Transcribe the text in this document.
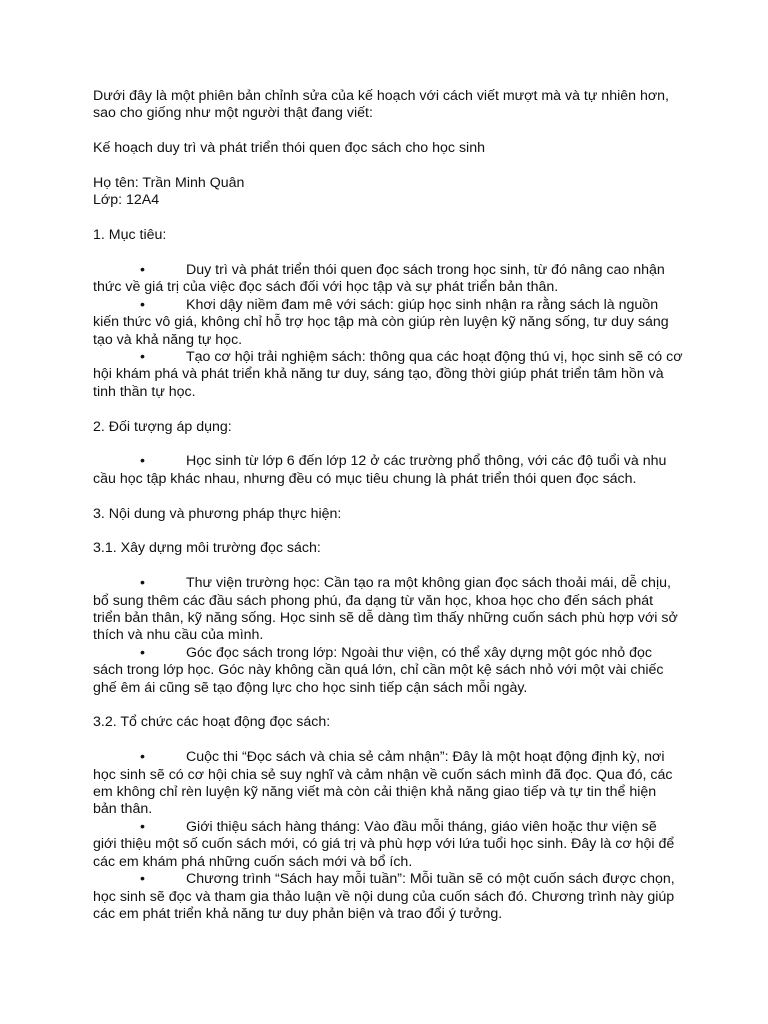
Dưới đây là một phiên bản chỉnh sửa của kế hoạch với cách viết mượt mà và tự nhiên hơn, sao cho giống như một người thật đang viết:

Kế hoạch duy trì và phát triển thói quen đọc sách cho học sinh

Họ tên: Trần Minh Quân
Lớp: 12A4

1. Mục tiêu:

•	Duy trì và phát triển thói quen đọc sách trong học sinh, từ đó nâng cao nhận thức về giá trị của việc đọc sách đối với học tập và sự phát triển bản thân.
•	Khơi dậy niềm đam mê với sách: giúp học sinh nhận ra rằng sách là nguồn kiến thức vô giá, không chỉ hỗ trợ học tập mà còn giúp rèn luyện kỹ năng sống, tư duy sáng tạo và khả năng tự học.
•	Tạo cơ hội trải nghiệm sách: thông qua các hoạt động thú vị, học sinh sẽ có cơ hội khám phá và phát triển khả năng tư duy, sáng tạo, đồng thời giúp phát triển tâm hồn và tinh thần tự học.

2. Đối tượng áp dụng:

•	Học sinh từ lớp 6 đến lớp 12 ở các trường phổ thông, với các độ tuổi và nhu cầu học tập khác nhau, nhưng đều có mục tiêu chung là phát triển thói quen đọc sách.

3. Nội dung và phương pháp thực hiện:

3.1. Xây dựng môi trường đọc sách:

•	Thư viện trường học: Cần tạo ra một không gian đọc sách thoải mái, dễ chịu, bổ sung thêm các đầu sách phong phú, đa dạng từ văn học, khoa học cho đến sách phát triển bản thân, kỹ năng sống. Học sinh sẽ dễ dàng tìm thấy những cuốn sách phù hợp với sở thích và nhu cầu của mình.
•	Góc đọc sách trong lớp: Ngoài thư viện, có thể xây dựng một góc nhỏ đọc sách trong lớp học. Góc này không cần quá lớn, chỉ cần một kệ sách nhỏ với một vài chiếc ghế êm ái cũng sẽ tạo động lực cho học sinh tiếp cận sách mỗi ngày.

3.2. Tổ chức các hoạt động đọc sách:

•	Cuộc thi “Đọc sách và chia sẻ cảm nhận”: Đây là một hoạt động định kỳ, nơi học sinh sẽ có cơ hội chia sẻ suy nghĩ và cảm nhận về cuốn sách mình đã đọc. Qua đó, các em không chỉ rèn luyện kỹ năng viết mà còn cải thiện khả năng giao tiếp và tự tin thể hiện bản thân.
•	Giới thiệu sách hàng tháng: Vào đầu mỗi tháng, giáo viên hoặc thư viện sẽ giới thiệu một số cuốn sách mới, có giá trị và phù hợp với lứa tuổi học sinh. Đây là cơ hội để các em khám phá những cuốn sách mới và bổ ích.
•	Chương trình “Sách hay mỗi tuần”: Mỗi tuần sẽ có một cuốn sách được chọn, học sinh sẽ đọc và tham gia thảo luận về nội dung của cuốn sách đó. Chương trình này giúp các em phát triển khả năng tư duy phản biện và trao đổi ý tưởng.
